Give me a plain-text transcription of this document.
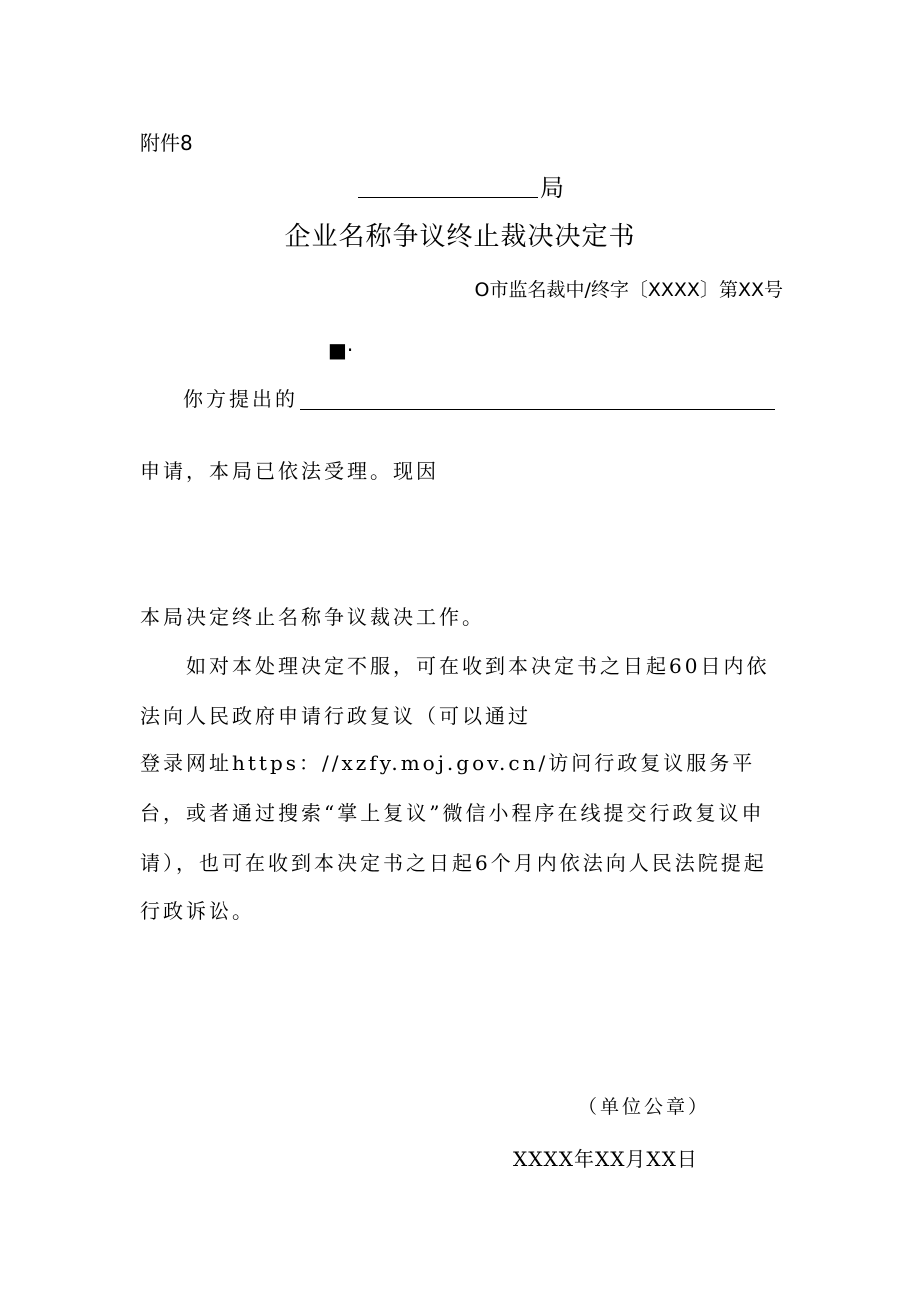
附件8
局
企业名称争议终止裁决决定书
O市监名裁中/终字〔XXXX〕第XX号
■·
你方提出的
申请，本局已依法受理。现因
本局决定终止名称争议裁决工作。
如对本处理决定不服，可在收到本决定书之日起60日内依
法向人民政府申请行政复议（可以通过
登录网址https：//xzfy.moj.gov.cn/访问行政复议服务平
台，或者通过搜索“掌上复议”微信小程序在线提交行政复议申
请），也可在收到本决定书之日起6个月内依法向人民法院提起
行政诉讼。
（单位公章）
XXXX年XX月XX日
